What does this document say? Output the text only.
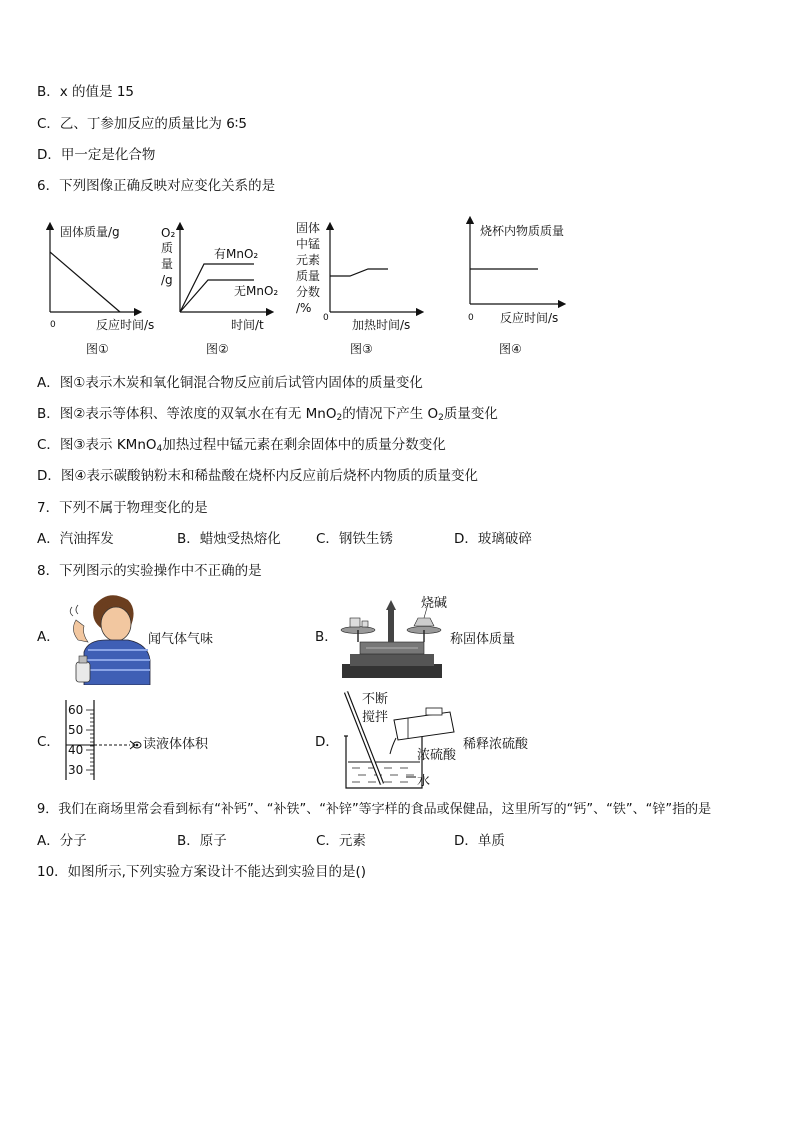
B．x 的值是 15
C．乙、丁参加反应的质量比为 6∶5
D．甲一定是化合物
6．下列图像正确反映对应变化关系的是
固体质量/g
0	反应时间/s
图①
O₂
质
量
/g
有MnO₂
无MnO₂
时间/t
图②
固体
中锰
元素
质量
分数
/%
0 加热时间/s
图③
烧杯内物质质量
0 反应时间/s
图④
A．图①表示木炭和氧化铜混合物反应前后试管内固体的质量变化
B．图②表示等体积、等浓度的双氧水在有无 MnO$_2$的情况下产生 $O_2$质量变化
C．图③表示 KMnO$_4$加热过程中锰元素在剩余固体中的质量分数变化
D．图④表示碳酸钠粉末和稀盐酸在烧杯内反应前后烧杯内物质的质量变化
7．下列不属于物理变化的是
A．汽油挥发	B．蜡烛受热熔化	C．钢铁生锈	D．玻璃破碎
8．下列图示的实验操作中不正确的是
A．	闻气体气味	B．
烧碱
称固体质量
C．
60
50
40
30
读液体体积	D．
不断
搅拌
稀释浓硫酸
浓硫酸
水
9．我们在商场里常会看到标有“补钙”、“补铁”、“补锌”等字样的食品或保健品，这里所写的“钙”、“铁”、“锌”指的是
A．分子	B．原子	C．元素	D．单质
10．如图所示,下列实验方案设计不能达到实验目的是()
